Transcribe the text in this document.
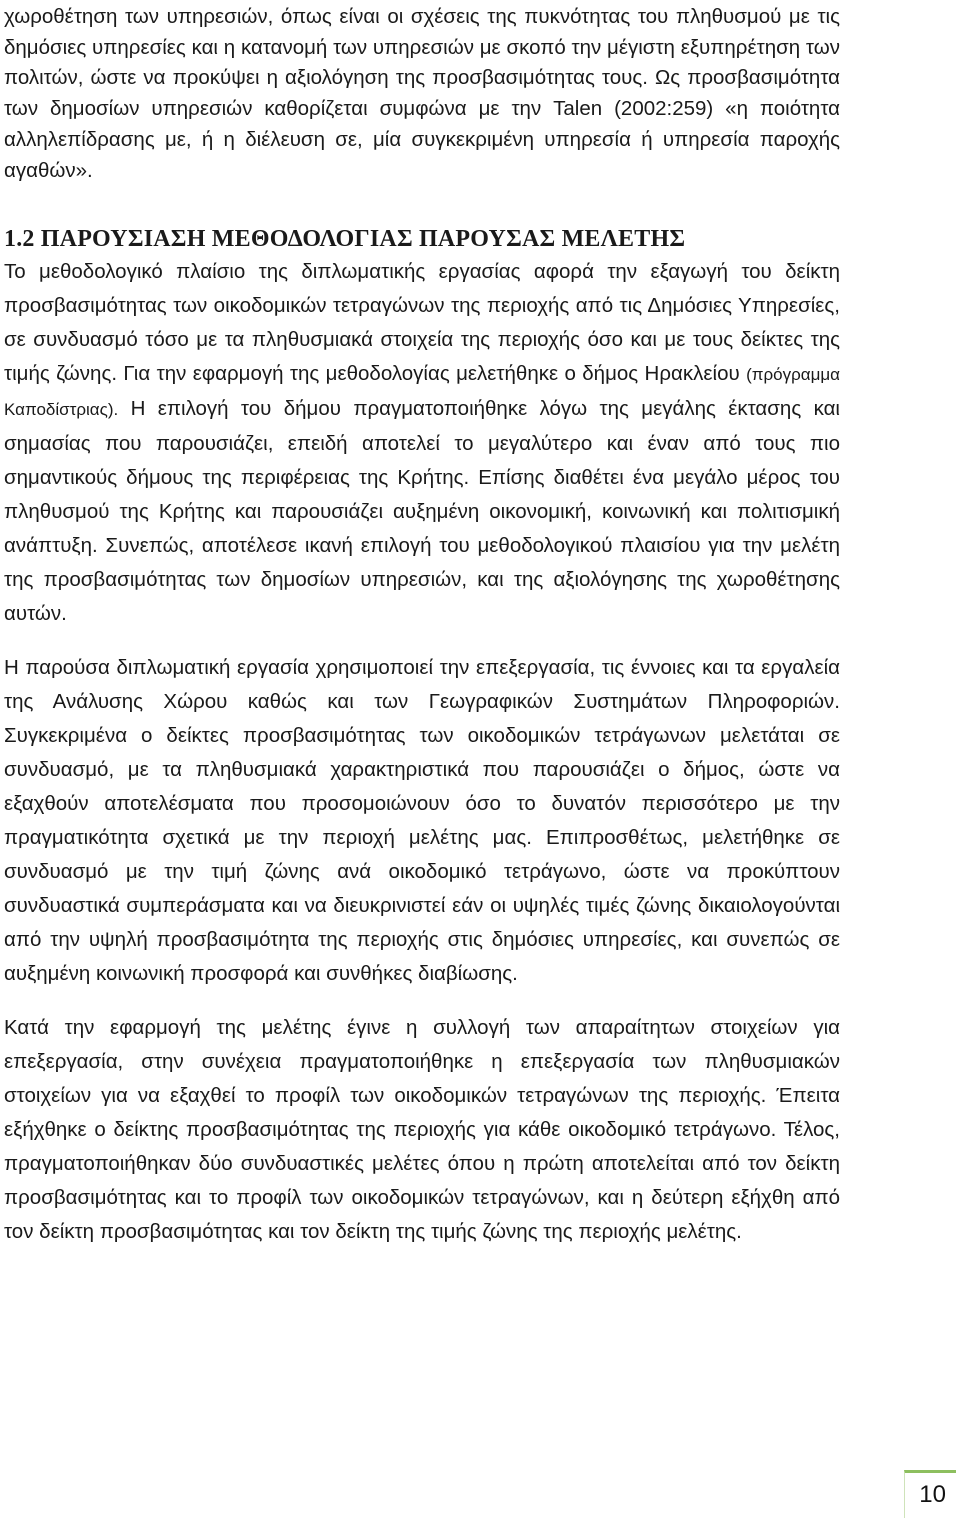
χωροθέτηση των υπηρεσιών, όπως είναι οι σχέσεις της πυκνότητας του πληθυσμού με τις δημόσιες υπηρεσίες και η κατανομή των υπηρεσιών με σκοπό την μέγιστη εξυπηρέτηση των πολιτών, ώστε να προκύψει η αξιολόγηση της προσβασιμότητας τους. Ως προσβασιμότητα των δημοσίων υπηρεσιών καθορίζεται συμφώνα με την Talen (2002:259) «η ποιότητα αλληλεπίδρασης με, ή η διέλευση σε, μία συγκεκριμένη υπηρεσία ή υπηρεσία παροχής αγαθών».

1.2 ΠΑΡΟΥΣΙΑΣΗ ΜΕΘΟΔΟΛΟΓΙΑΣ ΠΑΡΟΥΣΑΣ ΜΕΛΕΤΗΣ

Το μεθοδολογικό πλαίσιο της διπλωματικής εργασίας αφορά την εξαγωγή του δείκτη προσβασιμότητας των οικοδομικών τετραγώνων της περιοχής από τις Δημόσιες Υπηρεσίες, σε συνδυασμό τόσο με τα πληθυσμιακά στοιχεία της περιοχής όσο και με τους δείκτες της τιμής ζώνης. Για την εφαρμογή της μεθοδολογίας μελετήθηκε ο δήμος Ηρακλείου (πρόγραμμα Καποδίστριας). Η επιλογή του δήμου πραγματοποιήθηκε λόγω της μεγάλης έκτασης και σημασίας που παρουσιάζει, επειδή αποτελεί το μεγαλύτερο και έναν από τους πιο σημαντικούς δήμους της περιφέρειας της Κρήτης. Επίσης διαθέτει ένα μεγάλο μέρος του πληθυσμού της Κρήτης και παρουσιάζει αυξημένη οικονομική, κοινωνική και πολιτισμική ανάπτυξη. Συνεπώς, αποτέλεσε ικανή επιλογή του μεθοδολογικού πλαισίου για την μελέτη της προσβασιμότητας των δημοσίων υπηρεσιών, και της αξιολόγησης της χωροθέτησης αυτών.

Η παρούσα διπλωματική εργασία χρησιμοποιεί την επεξεργασία, τις έννοιες και τα εργαλεία της Ανάλυσης Χώρου καθώς και των Γεωγραφικών Συστημάτων Πληροφοριών. Συγκεκριμένα ο δείκτες προσβασιμότητας των οικοδομικών τετράγωνων μελετάται σε συνδυασμό, με τα πληθυσμιακά χαρακτηριστικά που παρουσιάζει ο δήμος, ώστε να εξαχθούν αποτελέσματα που προσομοιώνουν όσο το δυνατόν περισσότερο με την πραγματικότητα σχετικά με την περιοχή μελέτης μας. Επιπροσθέτως, μελετήθηκε σε συνδυασμό με την τιμή ζώνης ανά οικοδομικό τετράγωνο, ώστε να προκύπτουν συνδυαστικά συμπεράσματα και να διευκρινιστεί εάν οι υψηλές τιμές ζώνης δικαιολογούνται από την υψηλή προσβασιμότητα της περιοχής στις δημόσιες υπηρεσίες, και συνεπώς σε αυξημένη κοινωνική προσφορά και συνθήκες διαβίωσης.

Κατά την εφαρμογή της μελέτης έγινε η συλλογή των απαραίτητων στοιχείων για επεξεργασία, στην συνέχεια πραγματοποιήθηκε η επεξεργασία των πληθυσμιακών στοιχείων για να εξαχθεί το προφίλ των οικοδομικών τετραγώνων της περιοχής. Έπειτα εξήχθηκε ο δείκτης προσβασιμότητας της περιοχής για κάθε οικοδομικό τετράγωνο. Τέλος, πραγματοποιήθηκαν δύο συνδυαστικές μελέτες όπου η πρώτη αποτελείται από τον δείκτη προσβασιμότητας και το προφίλ των οικοδομικών τετραγώνων, και η δεύτερη εξήχθη από τον δείκτη προσβασιμότητας και τον δείκτη της τιμής ζώνης της περιοχής μελέτης.

10
